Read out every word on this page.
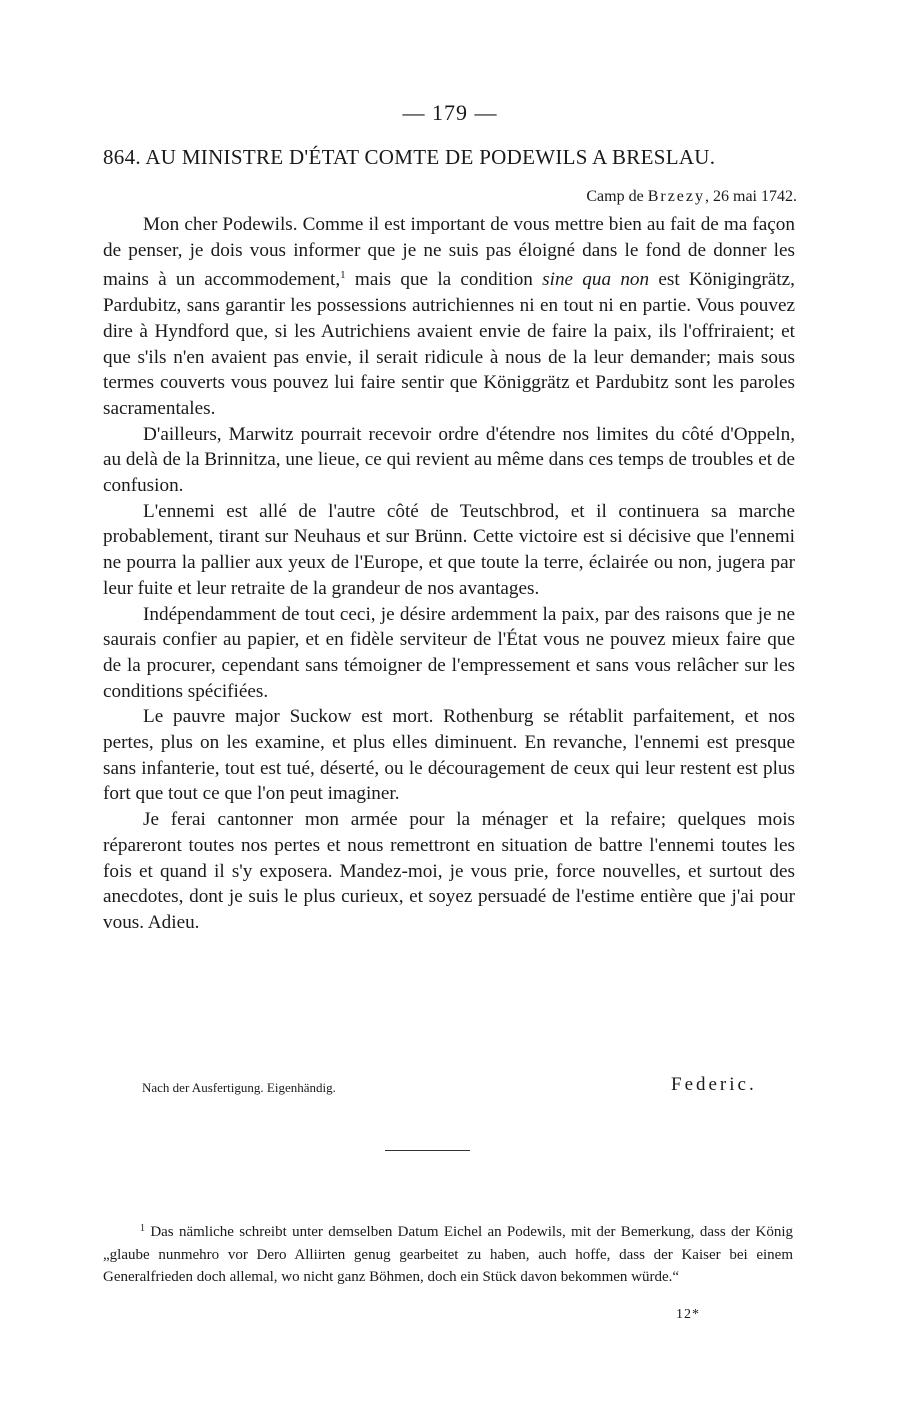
— 179 —
864. AU MINISTRE D'ÉTAT COMTE DE PODEWILS A BRESLAU.
Camp de Brzezy, 26 mai 1742.

Mon cher Podewils. Comme il est important de vous mettre bien au fait de ma façon de penser, je dois vous informer que je ne suis pas éloigné dans le fond de donner les mains à un accommodement,$^1$ mais que la condition sine qua non est Königingrätz, Pardubitz, sans garantir les possessions autrichiennes ni en tout ni en partie. Vous pouvez dire à Hyndford que, si les Autrichiens avaient envie de faire la paix, ils l'offriraient; et que s'ils n'en avaient pas envie, il serait ridicule à nous de la leur demander; mais sous termes couverts vous pouvez lui faire sentir que Königgrätz et Pardubitz sont les paroles sacramentales.

D'ailleurs, Marwitz pourrait recevoir ordre d'étendre nos limites du côté d'Oppeln, au delà de la Brinnitza, une lieue, ce qui revient au même dans ces temps de troubles et de confusion.

L'ennemi est allé de l'autre côté de Teutschbrod, et il continuera sa marche probablement, tirant sur Neuhaus et sur Brünn. Cette victoire est si décisive que l'ennemi ne pourra la pallier aux yeux de l'Europe, et que toute la terre, éclairée ou non, jugera par leur fuite et leur retraite de la grandeur de nos avantages.

Indépendamment de tout ceci, je désire ardemment la paix, par des raisons que je ne saurais confier au papier, et en fidèle serviteur de l'État vous ne pouvez mieux faire que de la procurer, cependant sans témoigner de l'empressement et sans vous relâcher sur les conditions spécifiées.

Le pauvre major Suckow est mort. Rothenburg se rétablit parfaitement, et nos pertes, plus on les examine, et plus elles diminuent. En revanche, l'ennemi est presque sans infanterie, tout est tué, déserté, ou le découragement de ceux qui leur restent est plus fort que tout ce que l'on peut imaginer.

Je ferai cantonner mon armée pour la ménager et la refaire; quelques mois répareront toutes nos pertes et nous remettront en situation de battre l'ennemi toutes les fois et quand il s'y exposera. Mandez-moi, je vous prie, force nouvelles, et surtout des anecdotes, dont je suis le plus curieux, et soyez persuadé de l'estime entière que j'ai pour vous. Adieu.

Nach der Ausfertigung. Eigenhändig.	Federic.
$^1$ Das nämliche schreibt unter demselben Datum Eichel an Podewils, mit der Bemerkung, dass der König „glaube nunmehro vor Dero Alliirten genug gearbeitet zu haben, auch hoffe, dass der Kaiser bei einem Generalfrieden doch allemal, wo nicht ganz Böhmen, doch ein Stück davon bekommen würde.“
12*
